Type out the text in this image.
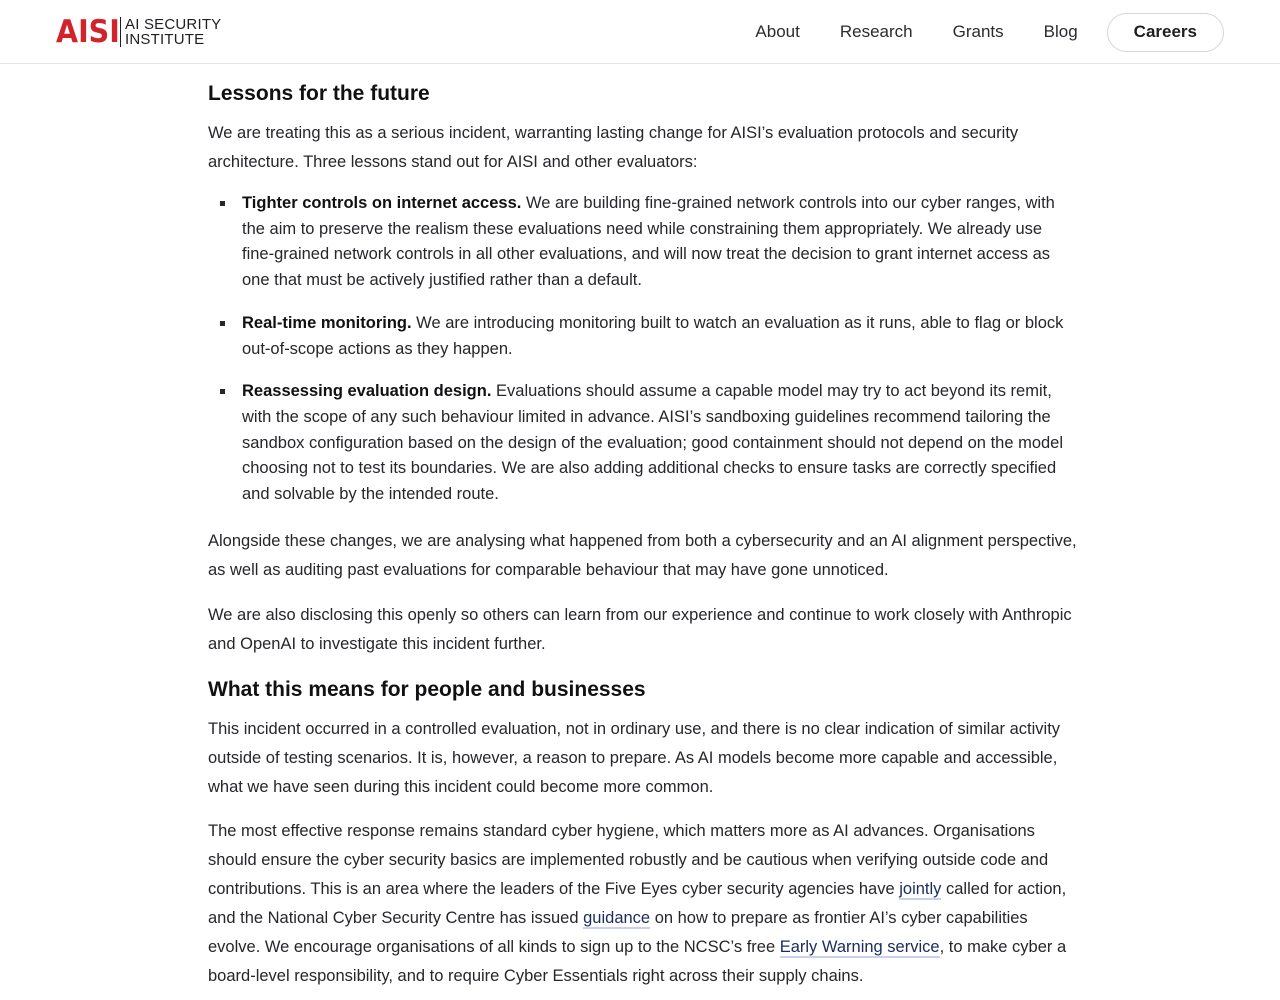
AISI AI SECURITY
INSTITUTE	About Research Grants Blog	Careers
Lessons for the future

We are treating this as a serious incident, warranting lasting change for AISI’s evaluation protocols and security architecture. Three lessons stand out for AISI and other evaluators:

Tighter controls on internet access. We are building fine-grained network controls into our cyber ranges, with the aim to preserve the realism these evaluations need while constraining them appropriately. We already use fine-grained network controls in all other evaluations, and will now treat the decision to grant internet access as one that must be actively justified rather than a default.
Real-time monitoring. We are introducing monitoring built to watch an evaluation as it runs, able to flag or block out-of-scope actions as they happen.
Reassessing evaluation design. Evaluations should assume a capable model may try to act beyond its remit, with the scope of any such behaviour limited in advance. AISI’s sandboxing guidelines recommend tailoring the sandbox configuration based on the design of the evaluation; good containment should not depend on the model choosing not to test its boundaries. We are also adding additional checks to ensure tasks are correctly specified and solvable by the intended route.

Alongside these changes, we are analysing what happened from both a cybersecurity and an AI alignment perspective, as well as auditing past evaluations for comparable behaviour that may have gone unnoticed.

We are also disclosing this openly so others can learn from our experience and continue to work closely with Anthropic and OpenAI to investigate this incident further.

What this means for people and businesses

This incident occurred in a controlled evaluation, not in ordinary use, and there is no clear indication of similar activity outside of testing scenarios. It is, however, a reason to prepare. As AI models become more capable and accessible, what we have seen during this incident could become more common.

The most effective response remains standard cyber hygiene, which matters more as AI advances. Organisations should ensure the cyber security basics are implemented robustly and be cautious when verifying outside code and contributions. This is an area where the leaders of the Five Eyes cyber security agencies have jointly called for action, and the National Cyber Security Centre has issued guidance on how to prepare as frontier AI’s cyber capabilities evolve. We encourage organisations of all kinds to sign up to the NCSC’s free Early Warning service, to make cyber a board-level responsibility, and to require Cyber Essentials right across their supply chains.
